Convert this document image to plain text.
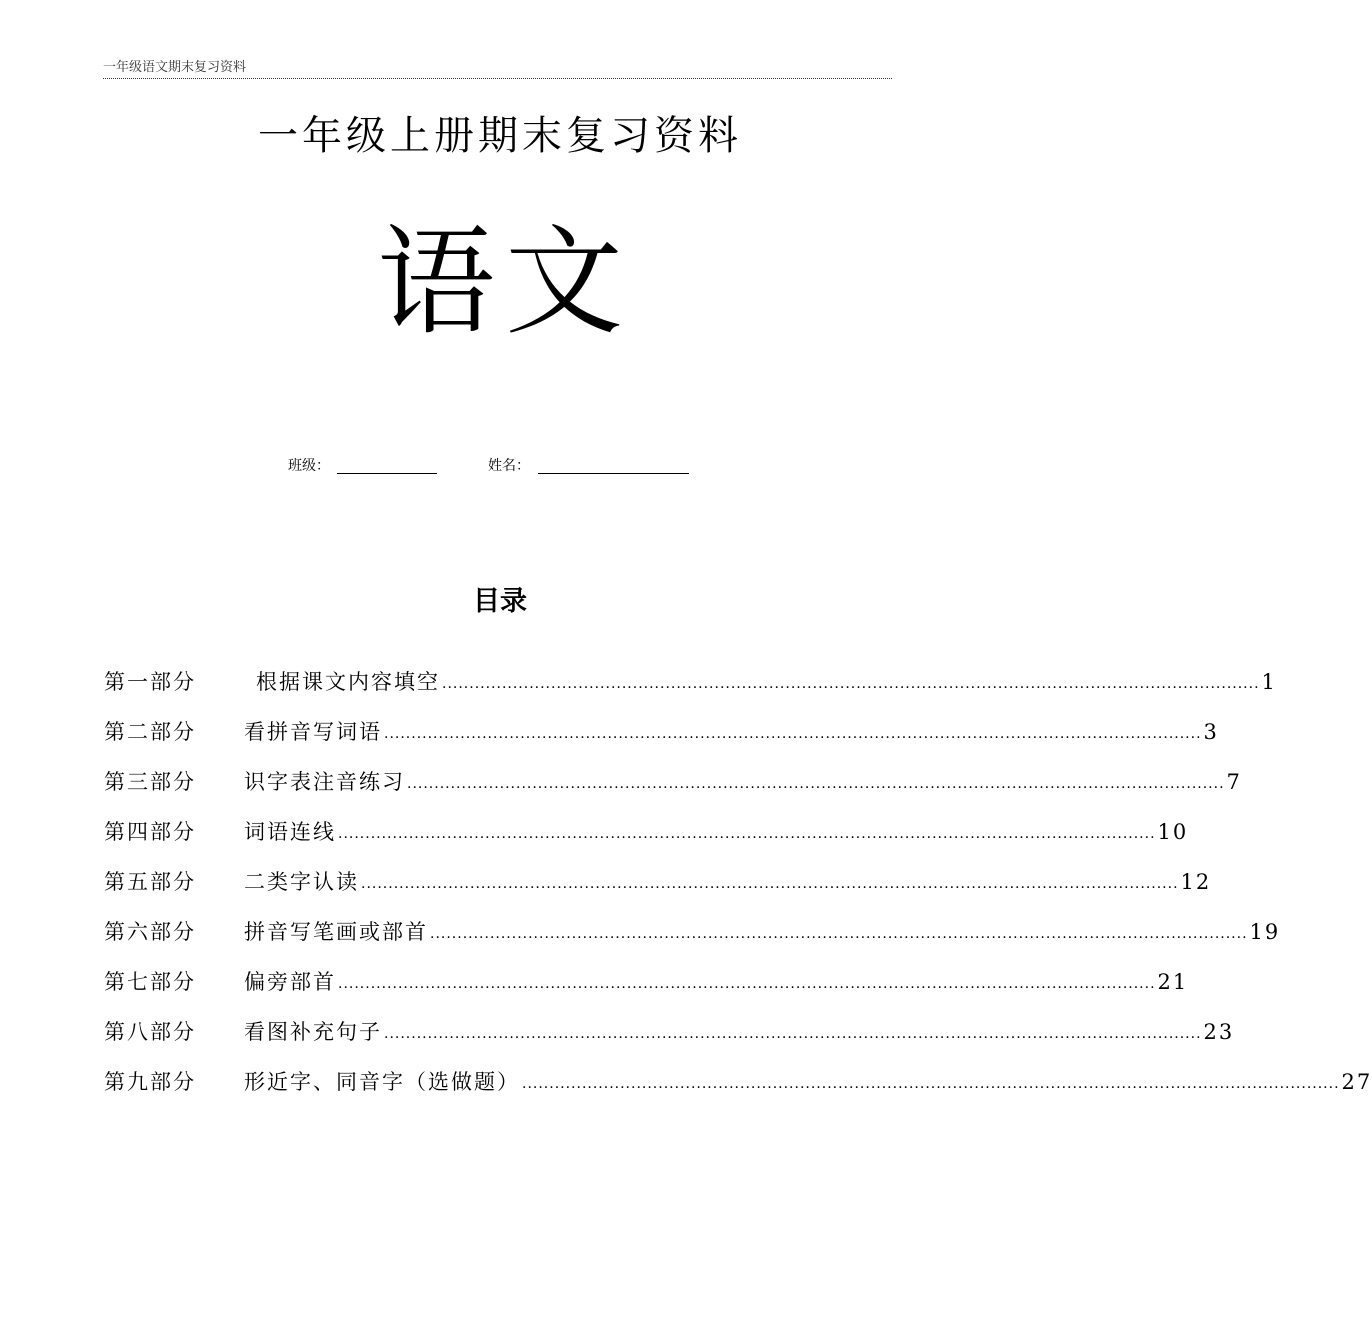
一年级语文期末复习资料
一年级上册期末复习资料
语文
班级：	姓名：
目录
第一部分	根据课文内容填空 ...................................................................................................................................................... 1
第二部分	看拼音写词语 ...................................................................................................................................................... 3
第三部分	识字表注音练习 ...................................................................................................................................................... 7
第四部分	词语连线 ...................................................................................................................................................... 10
第五部分	二类字认读 ...................................................................................................................................................... 12
第六部分	拼音写笔画或部首 ...................................................................................................................................................... 19
第七部分	偏旁部首 ...................................................................................................................................................... 21
第八部分	看图补充句子 ...................................................................................................................................................... 23
第九部分	形近字、同音字（选做题） ...................................................................................................................................................... 27
